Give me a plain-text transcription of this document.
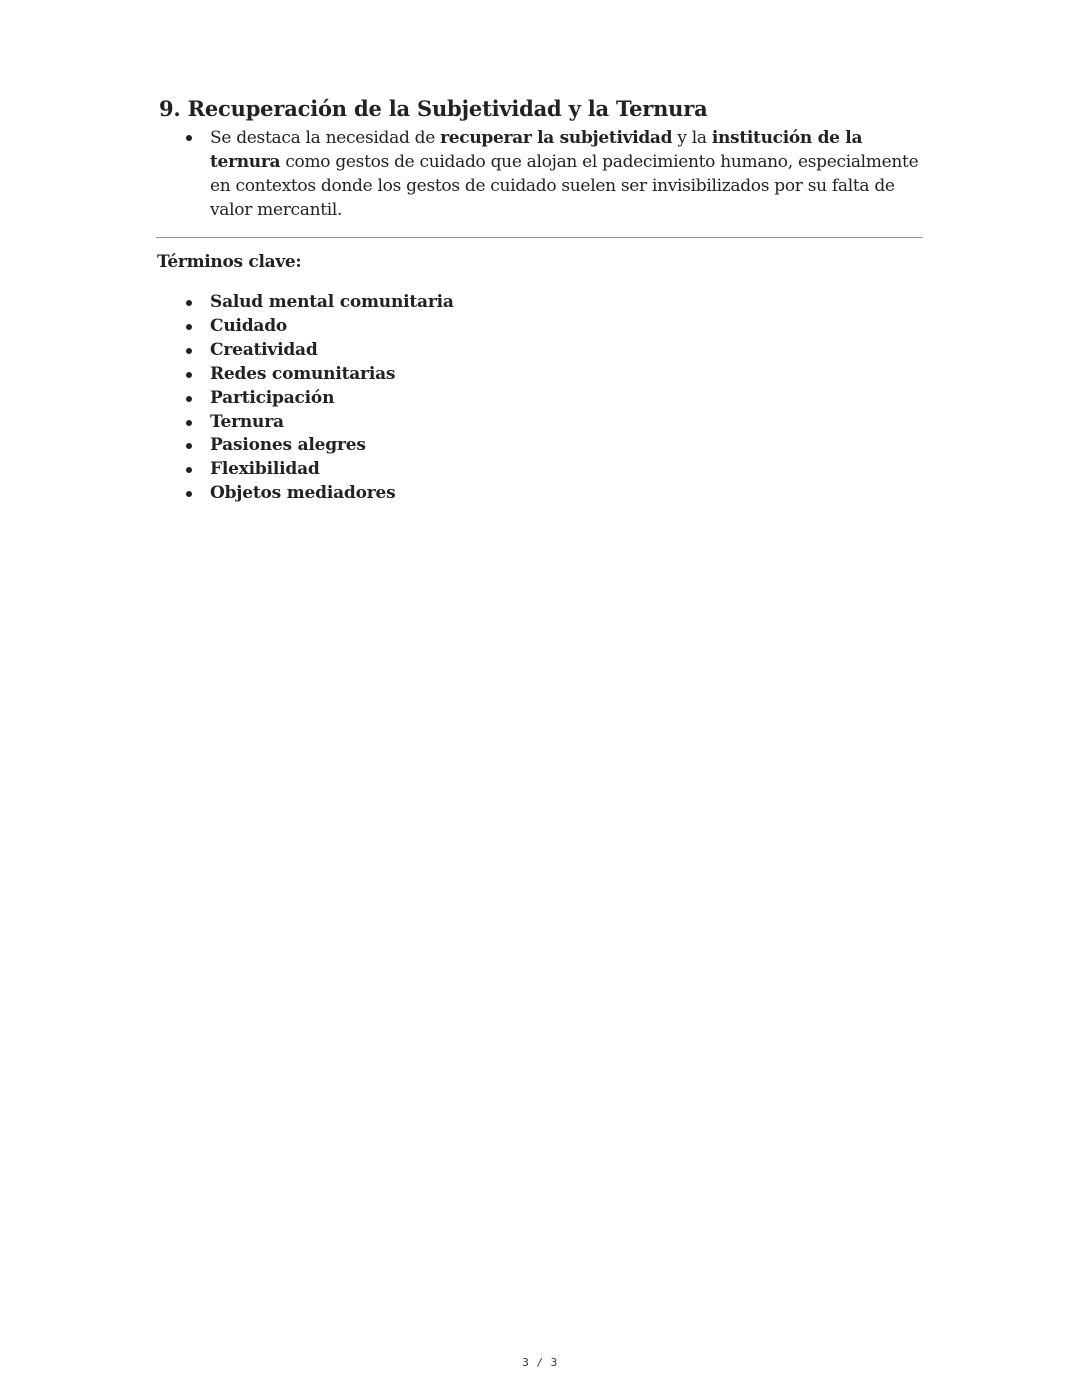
9. Recuperación de la Subjetividad y la Ternura
Se destaca la necesidad de recuperar la subjetividad y la institución de la ternura como gestos de cuidado que alojan el padecimiento humano, especialmente en contextos donde los gestos de cuidado suelen ser invisibilizados por su falta de valor mercantil.

Términos clave:

Salud mental comunitaria
Cuidado
Creatividad
Redes comunitarias
Participación
Ternura
Pasiones alegres
Flexibilidad
Objetos mediadores
3 / 3
